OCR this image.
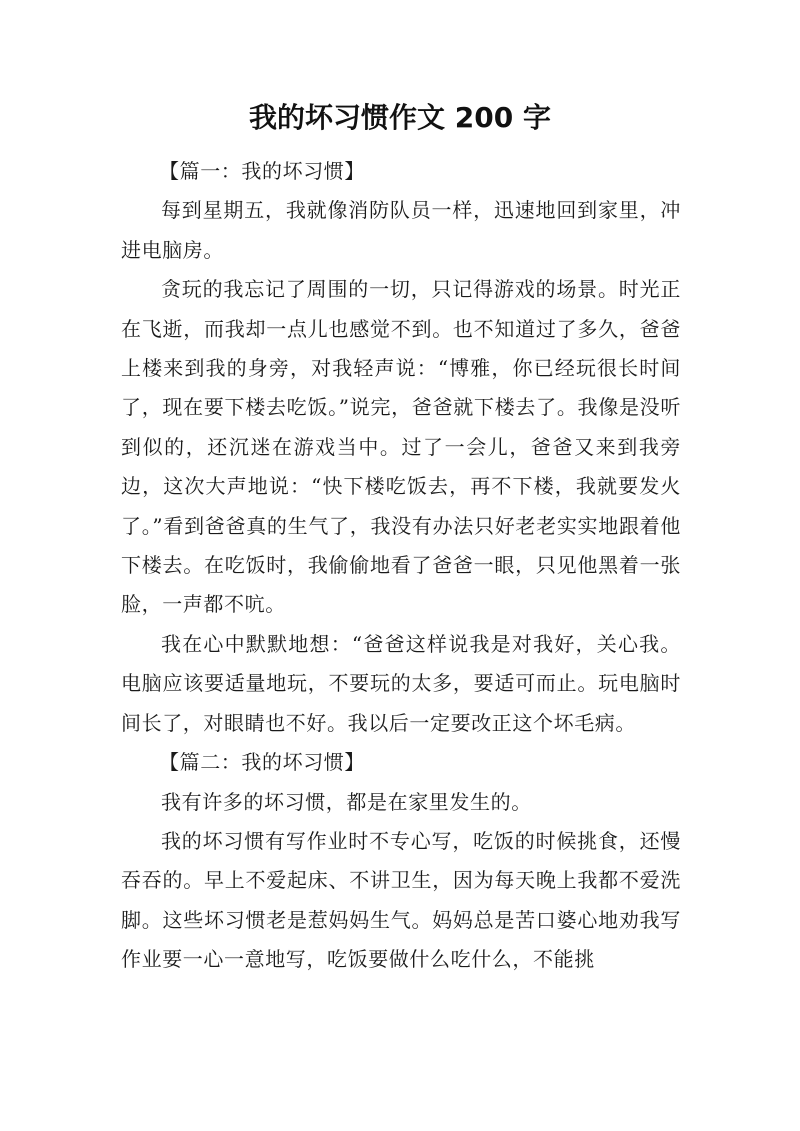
我的坏习惯作文 200 字

【篇一：我的坏习惯】

每到星期五，我就像消防队员一样，迅速地回到家里，冲进电脑房。

贪玩的我忘记了周围的一切，只记得游戏的场景。时光正在飞逝，而我却一点儿也感觉不到。也不知道过了多久，爸爸上楼来到我的身旁，对我轻声说：“博雅，你已经玩很长时间了，现在要下楼去吃饭。”说完，爸爸就下楼去了。我像是没听到似的，还沉迷在游戏当中。过了一会儿，爸爸又来到我旁边，这次大声地说：“快下楼吃饭去，再不下楼，我就要发火了。”看到爸爸真的生气了，我没有办法只好老老实实地跟着他下楼去。在吃饭时，我偷偷地看了爸爸一眼，只见他黑着一张脸，一声都不吭。

我在心中默默地想：“爸爸这样说我是对我好，关心我。电脑应该要适量地玩，不要玩的太多，要适可而止。玩电脑时间长了，对眼睛也不好。我以后一定要改正这个坏毛病。

【篇二：我的坏习惯】

我有许多的坏习惯，都是在家里发生的。

我的坏习惯有写作业时不专心写，吃饭的时候挑食，还慢吞吞的。早上不爱起床、不讲卫生，因为每天晚上我都不爱洗脚。这些坏习惯老是惹妈妈生气。妈妈总是苦口婆心地劝我写作业要一心一意地写，吃饭要做什么吃什么，不能挑
